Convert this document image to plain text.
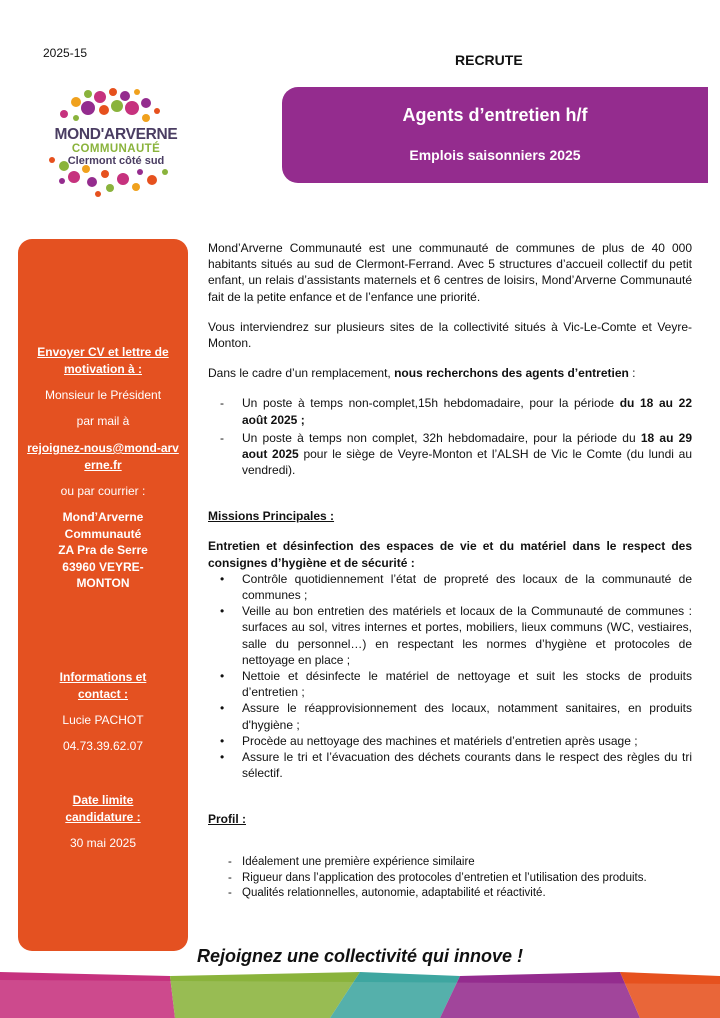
2025-15	RECRUTE
MOND'ARVERNE
COMMUNAUTÉ
Clermont côté sud
Agents d’entretien h/f
Emplois saisonniers 2025
Envoyer CV et lettre de motivation à :
Monsieur le Président
par mail à
rejoignez-nous@mond-arverne.fr
ou par courrier :
Mond’Arverne Communauté
ZA Pra de Serre
63960 VEYRE-MONTON
Informations et contact :
Lucie PACHOT
04.73.39.62.07
Date limite candidature :
30 mai 2025

Mond’Arverne Communauté est une communauté de communes de plus de 40 000 habitants situés au sud de Clermont-Ferrand. Avec 5 structures d’accueil collectif du petit enfant, un relais d’assistants maternels et 6 centres de loisirs, Mond’Arverne Communauté fait de la petite enfance et de l’enfance une priorité.

Vous interviendrez sur plusieurs sites de la collectivité situés à Vic-Le-Comte et Veyre-Monton.

Dans le cadre d’un remplacement, nous recherchons des agents d’entretien :

- Un poste à temps non-complet,15h hebdomadaire, pour la période du 18 au 22 août 2025 ;
- Un poste à temps non complet, 32h hebdomadaire, pour la période du 18 au 29 aout 2025 pour le siège de Veyre-Monton et l’ALSH de Vic le Comte (du lundi au vendredi).
Missions Principales :
Entretien et désinfection des espaces de vie et du matériel dans le respect des consignes d’hygiène et de sécurité :
• Contrôle quotidiennement l’état de propreté des locaux de la communauté de communes ;
• Veille au bon entretien des matériels et locaux de la Communauté de communes : surfaces au sol, vitres internes et portes, mobiliers, lieux communs (WC, vestiaires, salle du personnel…) en respectant les normes d’hygiène et protocoles de nettoyage en place ;
• Nettoie et désinfecte le matériel de nettoyage et suit les stocks de produits d’entretien ;
• Assure le réapprovisionnement des locaux, notamment sanitaires, en produits d'hygiène ;
• Procède au nettoyage des machines et matériels d’entretien après usage ;
• Assure le tri et l’évacuation des déchets courants dans le respect des règles du tri sélectif.
Profil :
- Idéalement une première expérience similaire
- Rigueur dans l’application des protocoles d’entretien et l’utilisation des produits.
- Qualités relationnelles, autonomie, adaptabilité et réactivité.
Rejoignez une collectivité qui innove !
